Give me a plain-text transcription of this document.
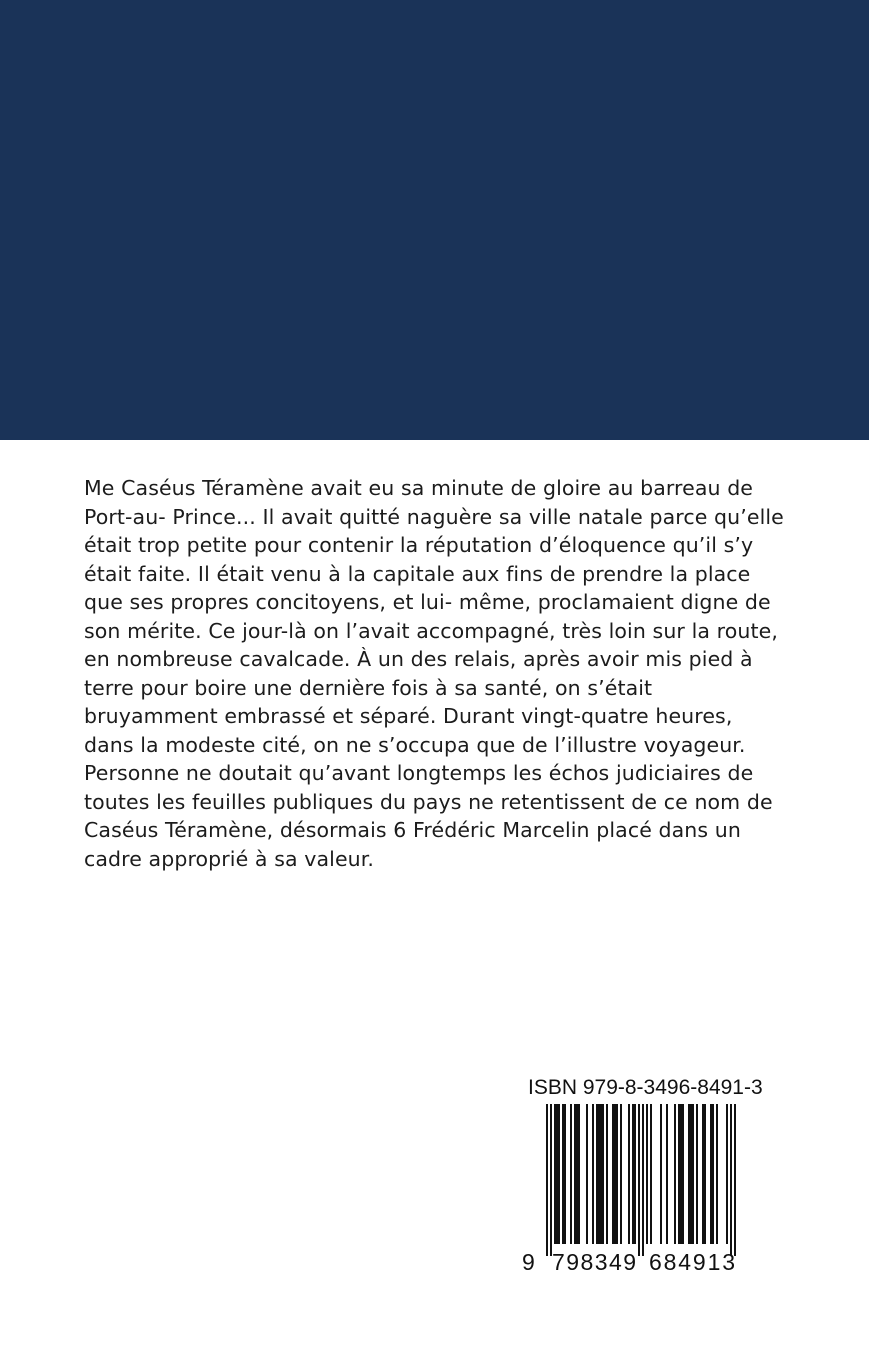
Me Caséus Téramène avait eu sa minute de gloire au barreau de Port-au- Prince... Il avait quitté naguère sa ville natale parce qu’elle était trop petite pour contenir la réputation d’éloquence qu’il s’y était faite. Il était venu à la capitale aux fins de prendre la place que ses propres concitoyens, et lui- même, proclamaient digne de son mérite. Ce jour-là on l’avait accompagné, très loin sur la route, en nombreuse cavalcade. À un des relais, après avoir mis pied à terre pour boire une dernière fois à sa santé, on s’était bruyamment embrassé et séparé. Durant vingt-quatre heures, dans la modeste cité, on ne s’occupa que de l’illustre voyageur. Personne ne doutait qu’avant longtemps les échos judiciaires de toutes les feuilles publiques du pays ne retentissent de ce nom de Caséus Téramène, désormais 6 Frédéric Marcelin placé dans un cadre approprié à sa valeur.

ISBN 979-8-3496-8491-3
9 798349 684913
